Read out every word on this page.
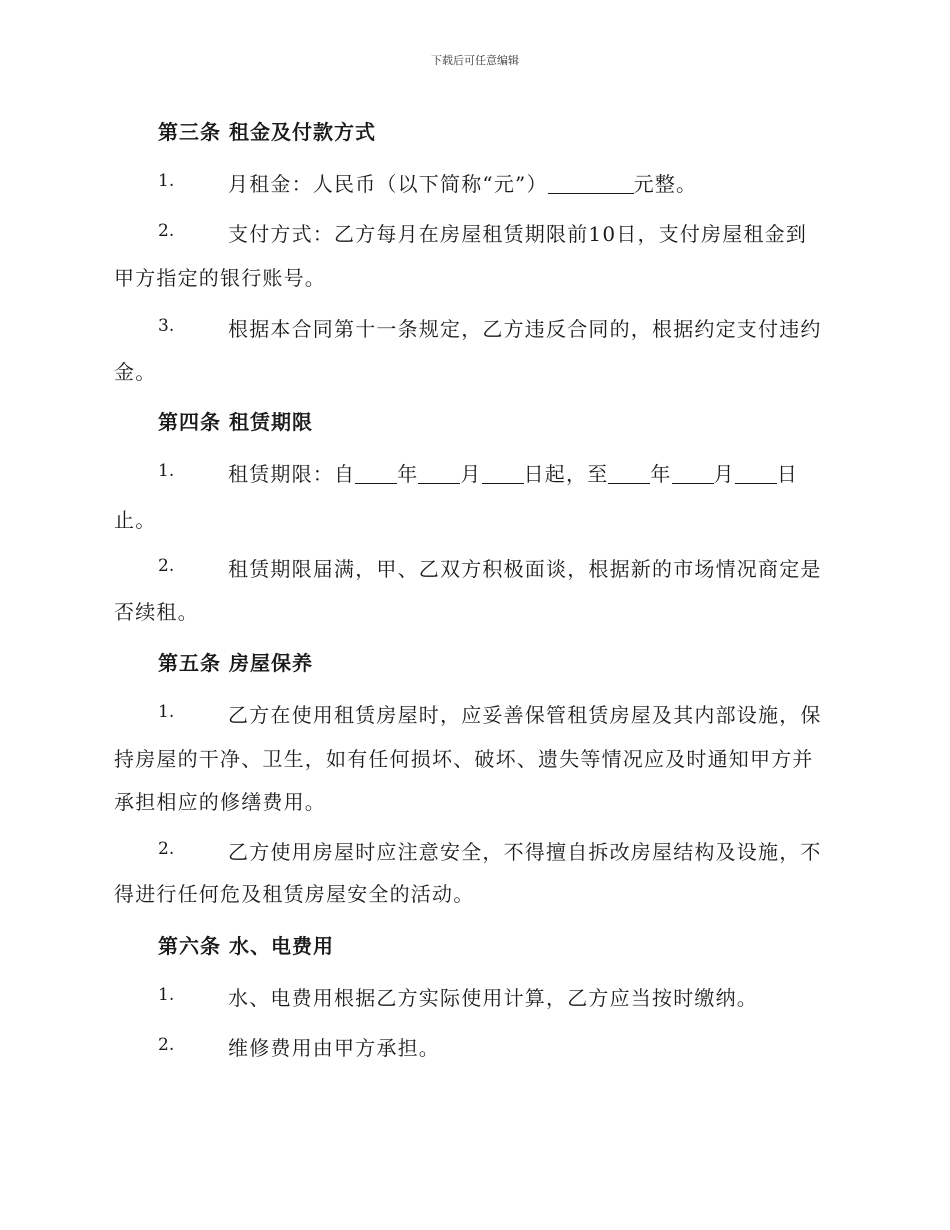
下载后可任意编辑
第三条 租金及付款方式
1.	月租金：人民币（以下简称“元”）	元整。
2.	支付方式：乙方每月在房屋租赁期限前10日，支付房屋租金到
甲方指定的银行账号。
3.	根据本合同第十一条规定，乙方违反合同的，根据约定支付违约
金。
第四条 租赁期限
1.	租赁期限：自 年 月 日起，至 年 月 日
止。
2.	租赁期限届满，甲、乙双方积极面谈，根据新的市场情况商定是
否续租。
第五条 房屋保养
1.	乙方在使用租赁房屋时，应妥善保管租赁房屋及其内部设施，保
持房屋的干净、卫生，如有任何损坏、破坏、遗失等情况应及时通知甲方并
承担相应的修缮费用。
2.	乙方使用房屋时应注意安全，不得擅自拆改房屋结构及设施，不
得进行任何危及租赁房屋安全的活动。
第六条 水、电费用
1.	水、电费用根据乙方实际使用计算，乙方应当按时缴纳。
2.	维修费用由甲方承担。
